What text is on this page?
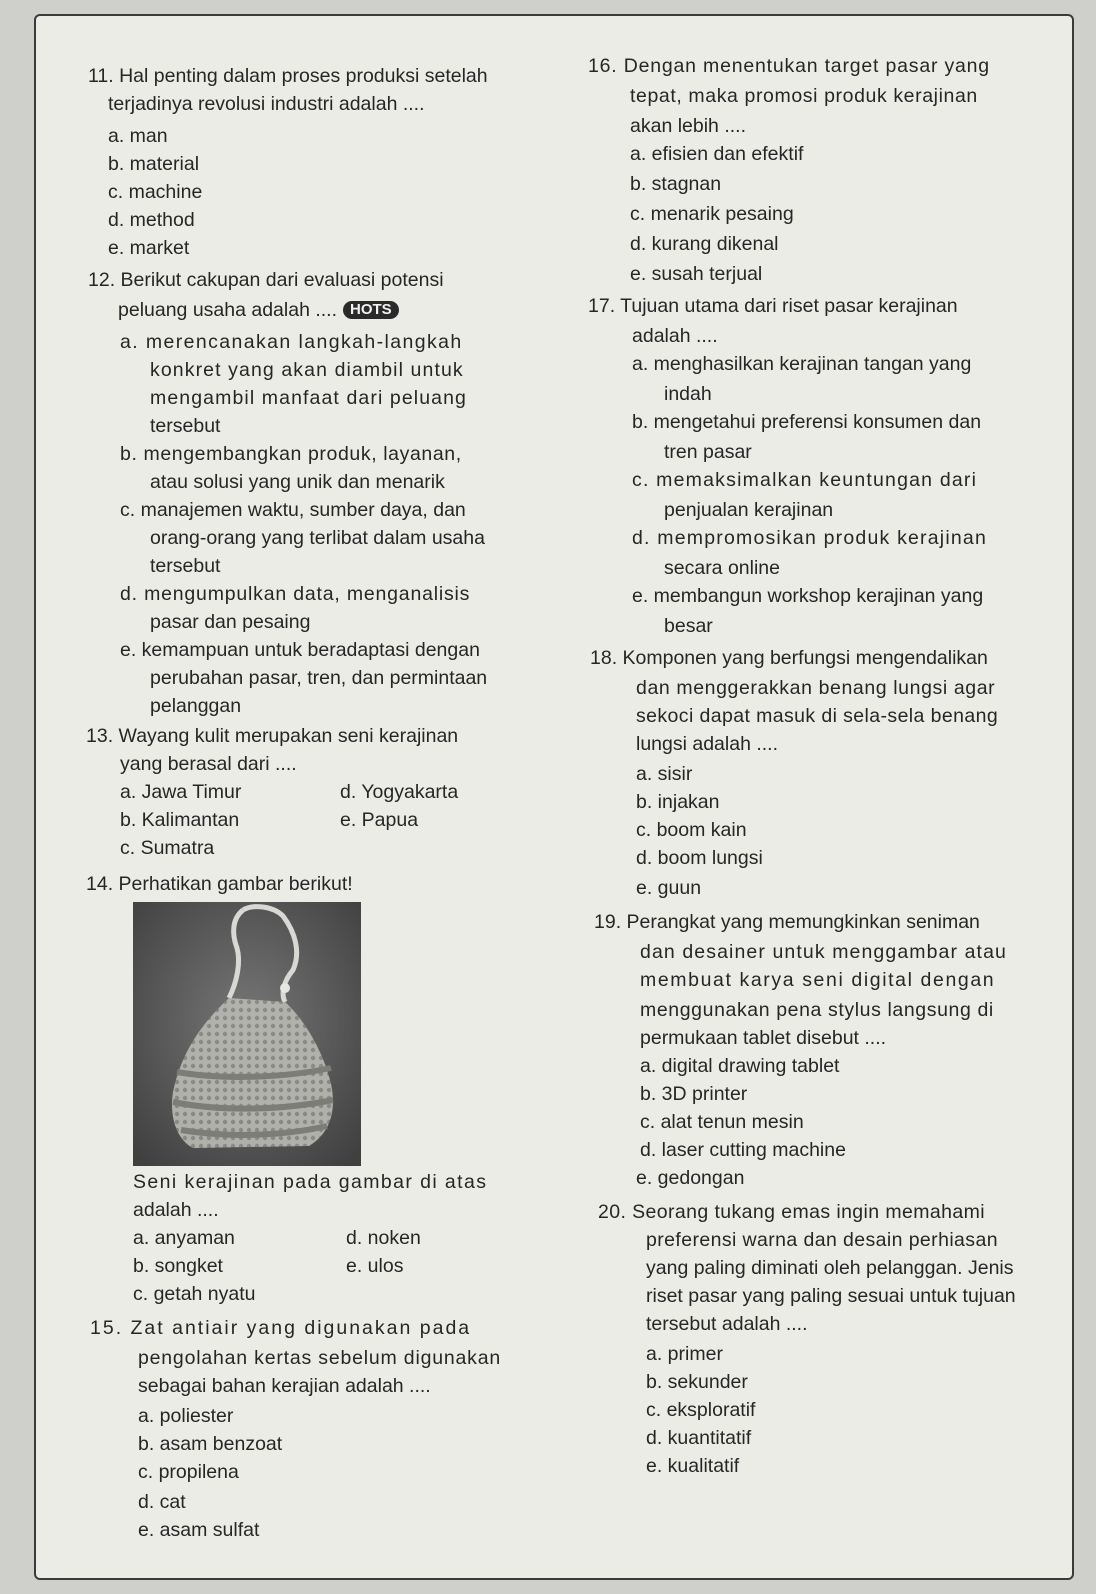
11. Hal penting dalam proses produksi setelah
terjadinya revolusi industri adalah ....
a. man
b. material
c. machine
d. method
e. market
12. Berikut cakupan dari evaluasi potensi
peluang usaha adalah .... HOTS
a. merencanakan langkah-langkah
konkret yang akan diambil untuk
mengambil manfaat dari peluang
tersebut
b. mengembangkan produk, layanan,
atau solusi yang unik dan menarik
c. manajemen waktu, sumber daya, dan
orang-orang yang terlibat dalam usaha
tersebut
d. mengumpulkan data, menganalisis
pasar dan pesaing
e. kemampuan untuk beradaptasi dengan
perubahan pasar, tren, dan permintaan
pelanggan
13. Wayang kulit merupakan seni kerajinan
yang berasal dari ....
a. Jawa Timur	d. Yogyakarta
b. Kalimantan	e. Papua
c. Sumatra
14. Perhatikan gambar berikut!
Seni kerajinan pada gambar di atas
adalah ....
a. anyaman	d. noken
b. songket	e. ulos
c. getah nyatu
15. Zat antiair yang digunakan pada
pengolahan kertas sebelum digunakan
sebagai bahan kerajian adalah ....
a. poliester
b. asam benzoat
c. propilena
d. cat
e. asam sulfat
16. Dengan menentukan target pasar yang
tepat, maka promosi produk kerajinan
akan lebih ....
a. efisien dan efektif
b. stagnan
c. menarik pesaing
d. kurang dikenal
e. susah terjual
17. Tujuan utama dari riset pasar kerajinan
adalah ....
a. menghasilkan kerajinan tangan yang
indah
b. mengetahui preferensi konsumen dan
tren pasar
c. memaksimalkan keuntungan dari
penjualan kerajinan
d. mempromosikan produk kerajinan
secara online
e. membangun workshop kerajinan yang
besar
18. Komponen yang berfungsi mengendalikan
dan menggerakkan benang lungsi agar
sekoci dapat masuk di sela-sela benang
lungsi adalah ....
a. sisir
b. injakan
c. boom kain
d. boom lungsi
e. guun
19. Perangkat yang memungkinkan seniman
dan desainer untuk menggambar atau
membuat karya seni digital dengan
menggunakan pena stylus langsung di
permukaan tablet disebut ....
a. digital drawing tablet
b. 3D printer
c. alat tenun mesin
d. laser cutting machine
e. gedongan
20. Seorang tukang emas ingin memahami
preferensi warna dan desain perhiasan
yang paling diminati oleh pelanggan. Jenis
riset pasar yang paling sesuai untuk tujuan
tersebut adalah ....
a. primer
b. sekunder
c. eksploratif
d. kuantitatif
e. kualitatif
